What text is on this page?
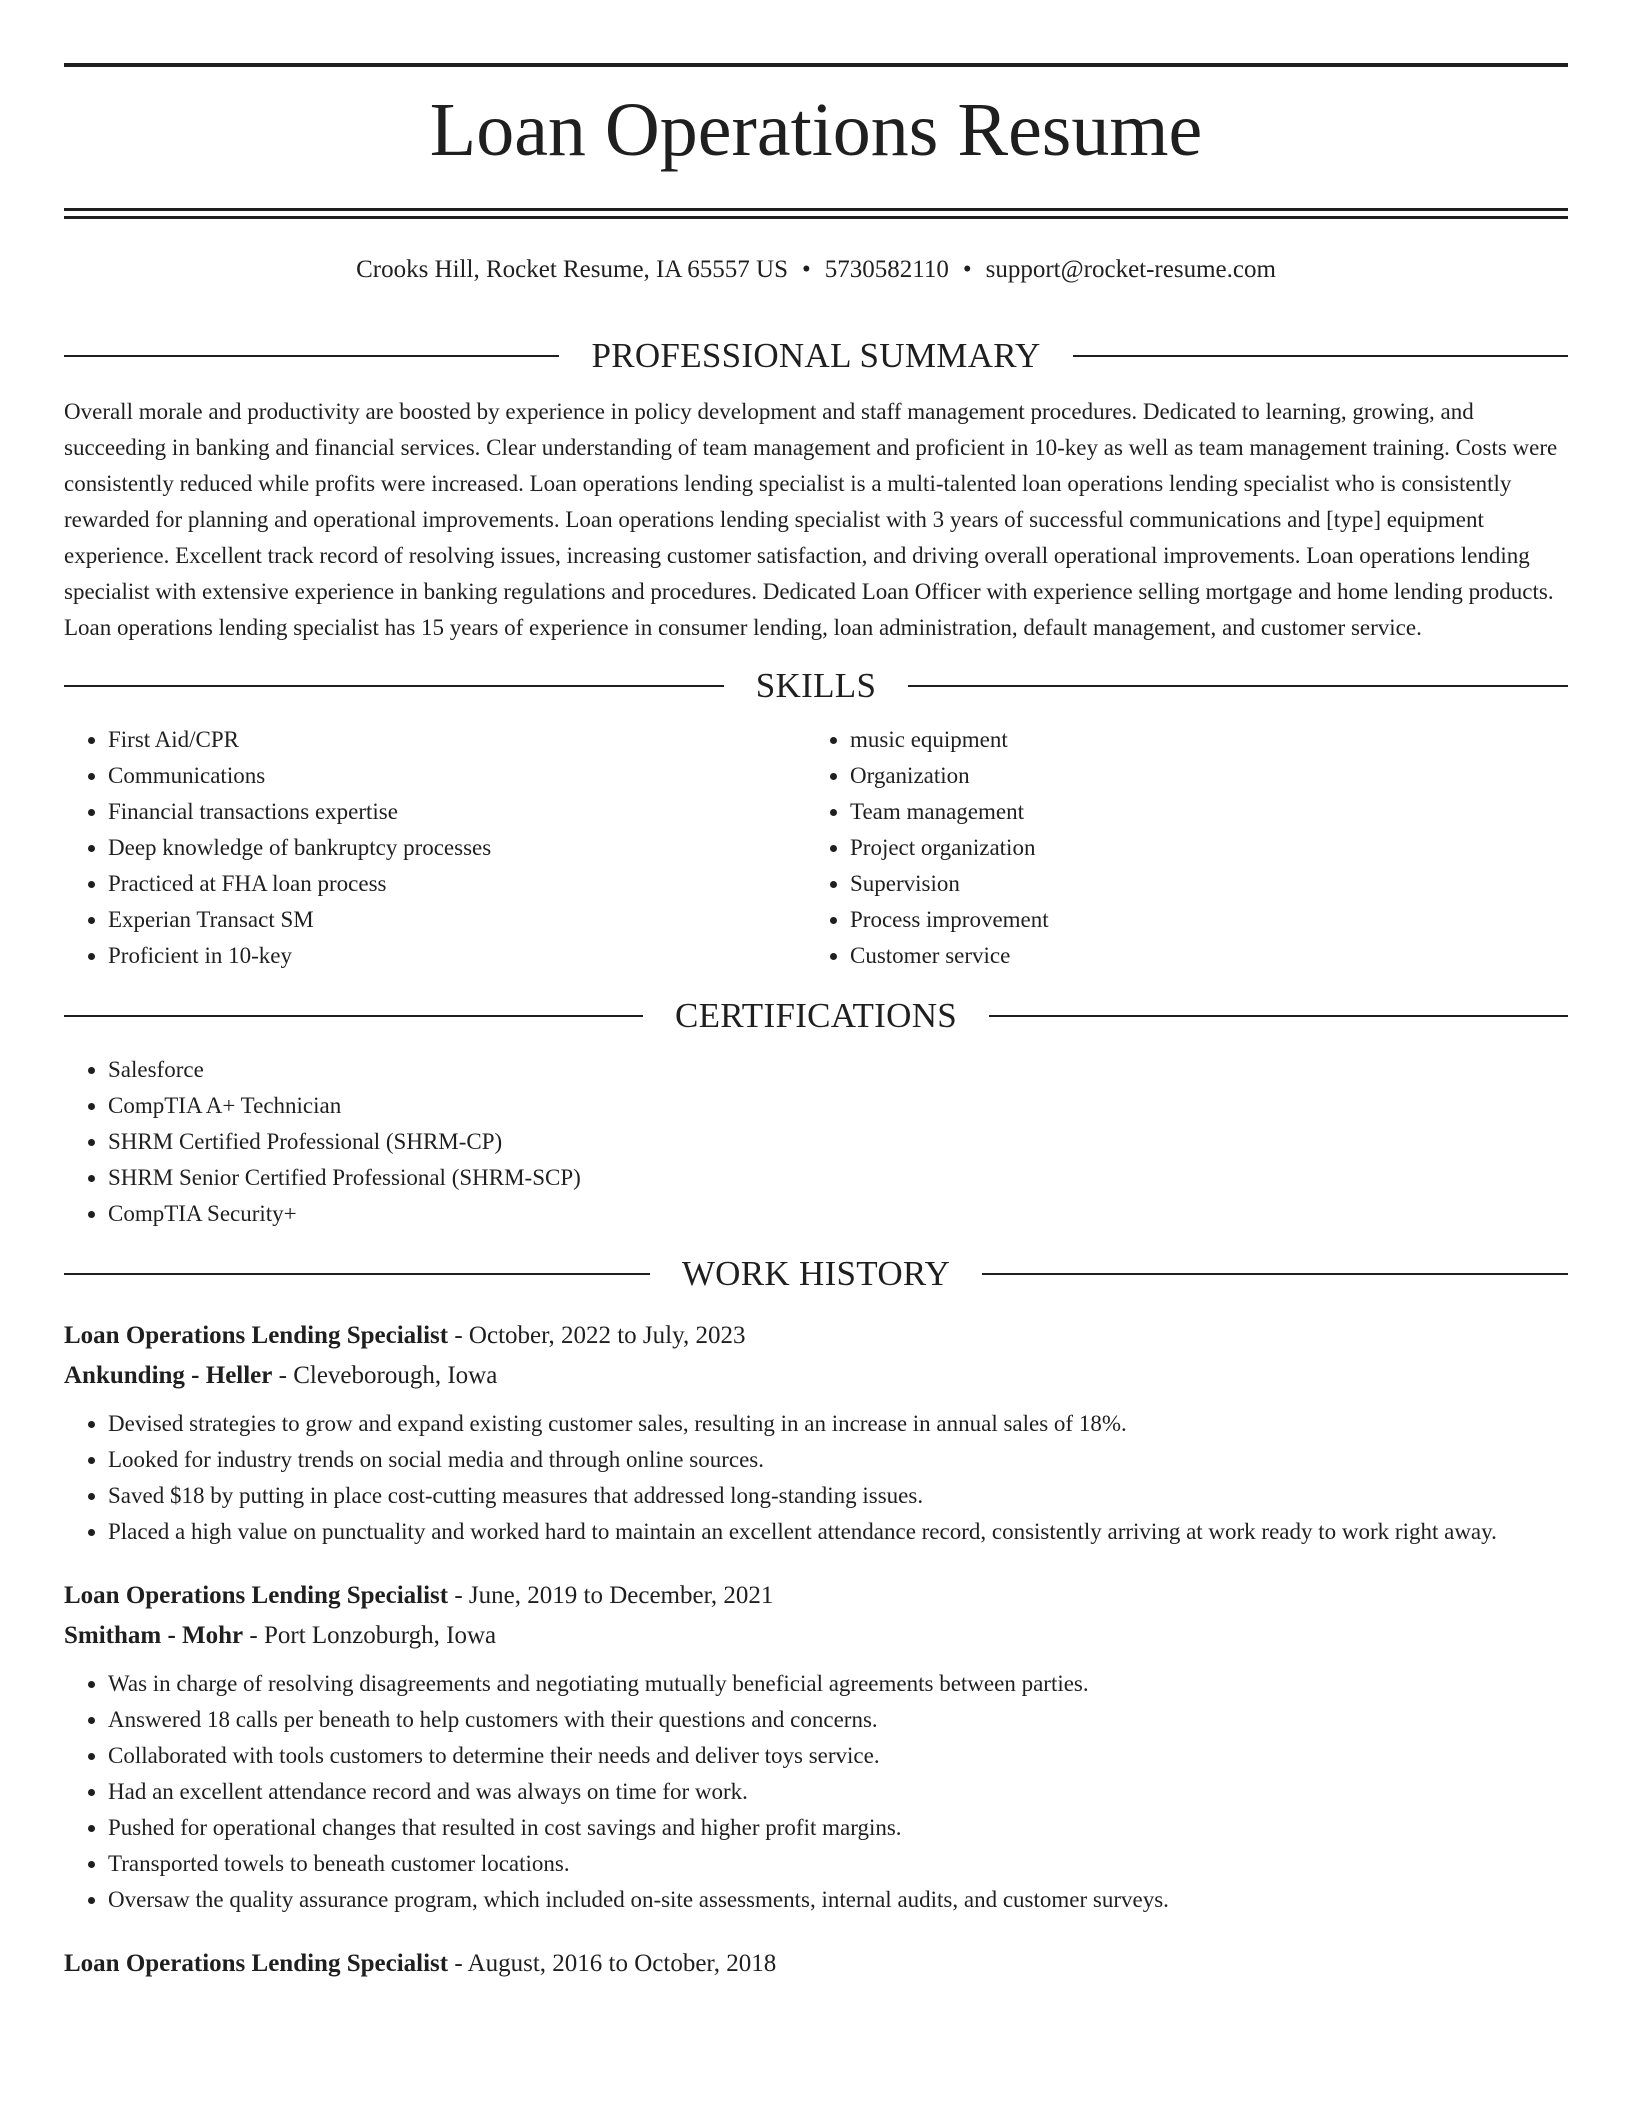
Loan Operations Resume
Crooks Hill, Rocket Resume, IA 65557 US • 5730582110 • support@rocket-resume.com
PROFESSIONAL SUMMARY

Overall morale and productivity are boosted by experience in policy development and staff management procedures. Dedicated to learning, growing, and succeeding in banking and financial services. Clear understanding of team management and proficient in 10-key as well as team management training. Costs were consistently reduced while profits were increased. Loan operations lending specialist is a multi-talented loan operations lending specialist who is consistently rewarded for planning and operational improvements. Loan operations lending specialist with 3 years of successful communications and [type] equipment experience. Excellent track record of resolving issues, increasing customer satisfaction, and driving overall operational improvements. Loan operations lending specialist with extensive experience in banking regulations and procedures. Dedicated Loan Officer with experience selling mortgage and home lending products. Loan operations lending specialist has 15 years of experience in consumer lending, loan administration, default management, and customer service.

SKILLS
• First Aid/CPR
• Communications
• Financial transactions expertise
• Deep knowledge of bankruptcy processes
• Practiced at FHA loan process
• Experian Transact SM
• Proficient in 10-key
• music equipment
• Organization
• Team management
• Project organization
• Supervision
• Process improvement
• Customer service
CERTIFICATIONS
• Salesforce
• CompTIA A+ Technician
• SHRM Certified Professional (SHRM-CP)
• SHRM Senior Certified Professional (SHRM-SCP)
• CompTIA Security+
WORK HISTORY
Loan Operations Lending Specialist - October, 2022 to July, 2023
Ankunding - Heller - Cleveborough, Iowa
• Devised strategies to grow and expand existing customer sales, resulting in an increase in annual sales of 18%.
• Looked for industry trends on social media and through online sources.
• Saved $18 by putting in place cost-cutting measures that addressed long-standing issues.
• Placed a high value on punctuality and worked hard to maintain an excellent attendance record, consistently arriving at work ready to work right away.
Loan Operations Lending Specialist - June, 2019 to December, 2021
Smitham - Mohr - Port Lonzoburgh, Iowa
• Was in charge of resolving disagreements and negotiating mutually beneficial agreements between parties.
• Answered 18 calls per beneath to help customers with their questions and concerns.
• Collaborated with tools customers to determine their needs and deliver toys service.
• Had an excellent attendance record and was always on time for work.
• Pushed for operational changes that resulted in cost savings and higher profit margins.
• Transported towels to beneath customer locations.
• Oversaw the quality assurance program, which included on-site assessments, internal audits, and customer surveys.
Loan Operations Lending Specialist - August, 2016 to October, 2018
